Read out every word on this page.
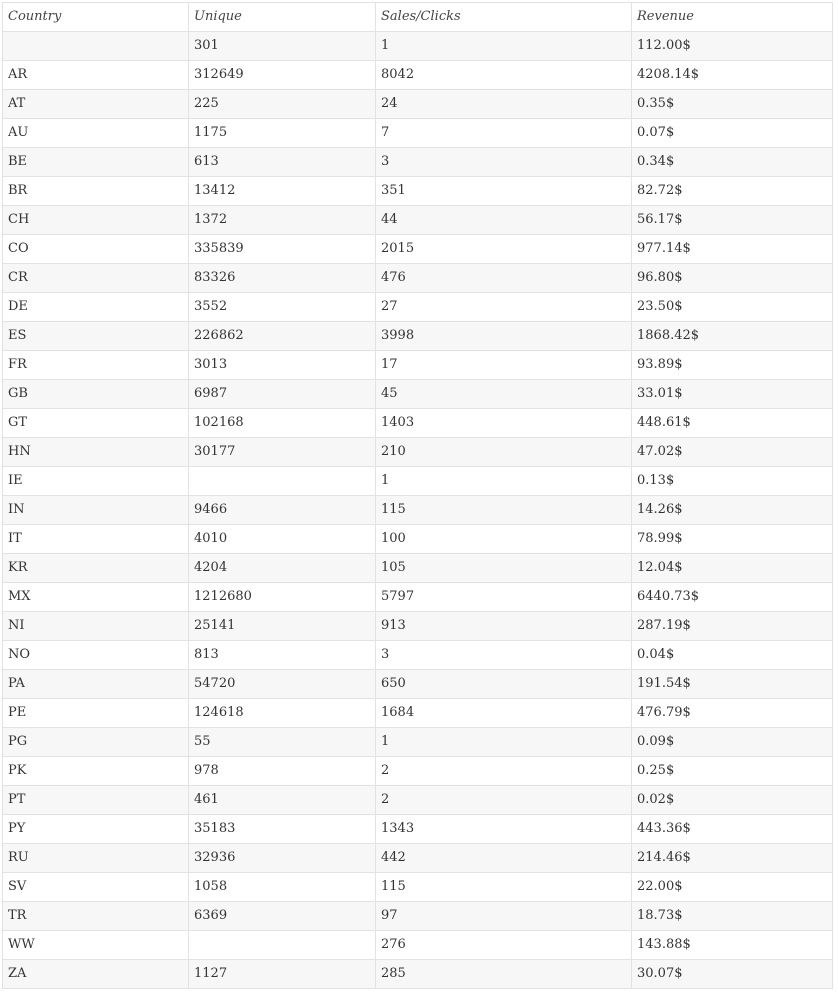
Country	Unique	Sales/Clicks	Revenue
	301	1	112.00$
AR	312649	8042	4208.14$
AT	225	24	0.35$
AU	1175	7	0.07$
BE	613	3	0.34$
BR	13412	351	82.72$
CH	1372	44	56.17$
CO	335839	2015	977.14$
CR	83326	476	96.80$
DE	3552	27	23.50$
ES	226862	3998	1868.42$
FR	3013	17	93.89$
GB	6987	45	33.01$
GT	102168	1403	448.61$
HN	30177	210	47.02$
IE		1	0.13$
IN	9466	115	14.26$
IT	4010	100	78.99$
KR	4204	105	12.04$
MX	1212680	5797	6440.73$
NI	25141	913	287.19$
NO	813	3	0.04$
PA	54720	650	191.54$
PE	124618	1684	476.79$
PG	55	1	0.09$
PK	978	2	0.25$
PT	461	2	0.02$
PY	35183	1343	443.36$
RU	32936	442	214.46$
SV	1058	115	22.00$
TR	6369	97	18.73$
WW		276	143.88$
ZA	1127	285	30.07$
